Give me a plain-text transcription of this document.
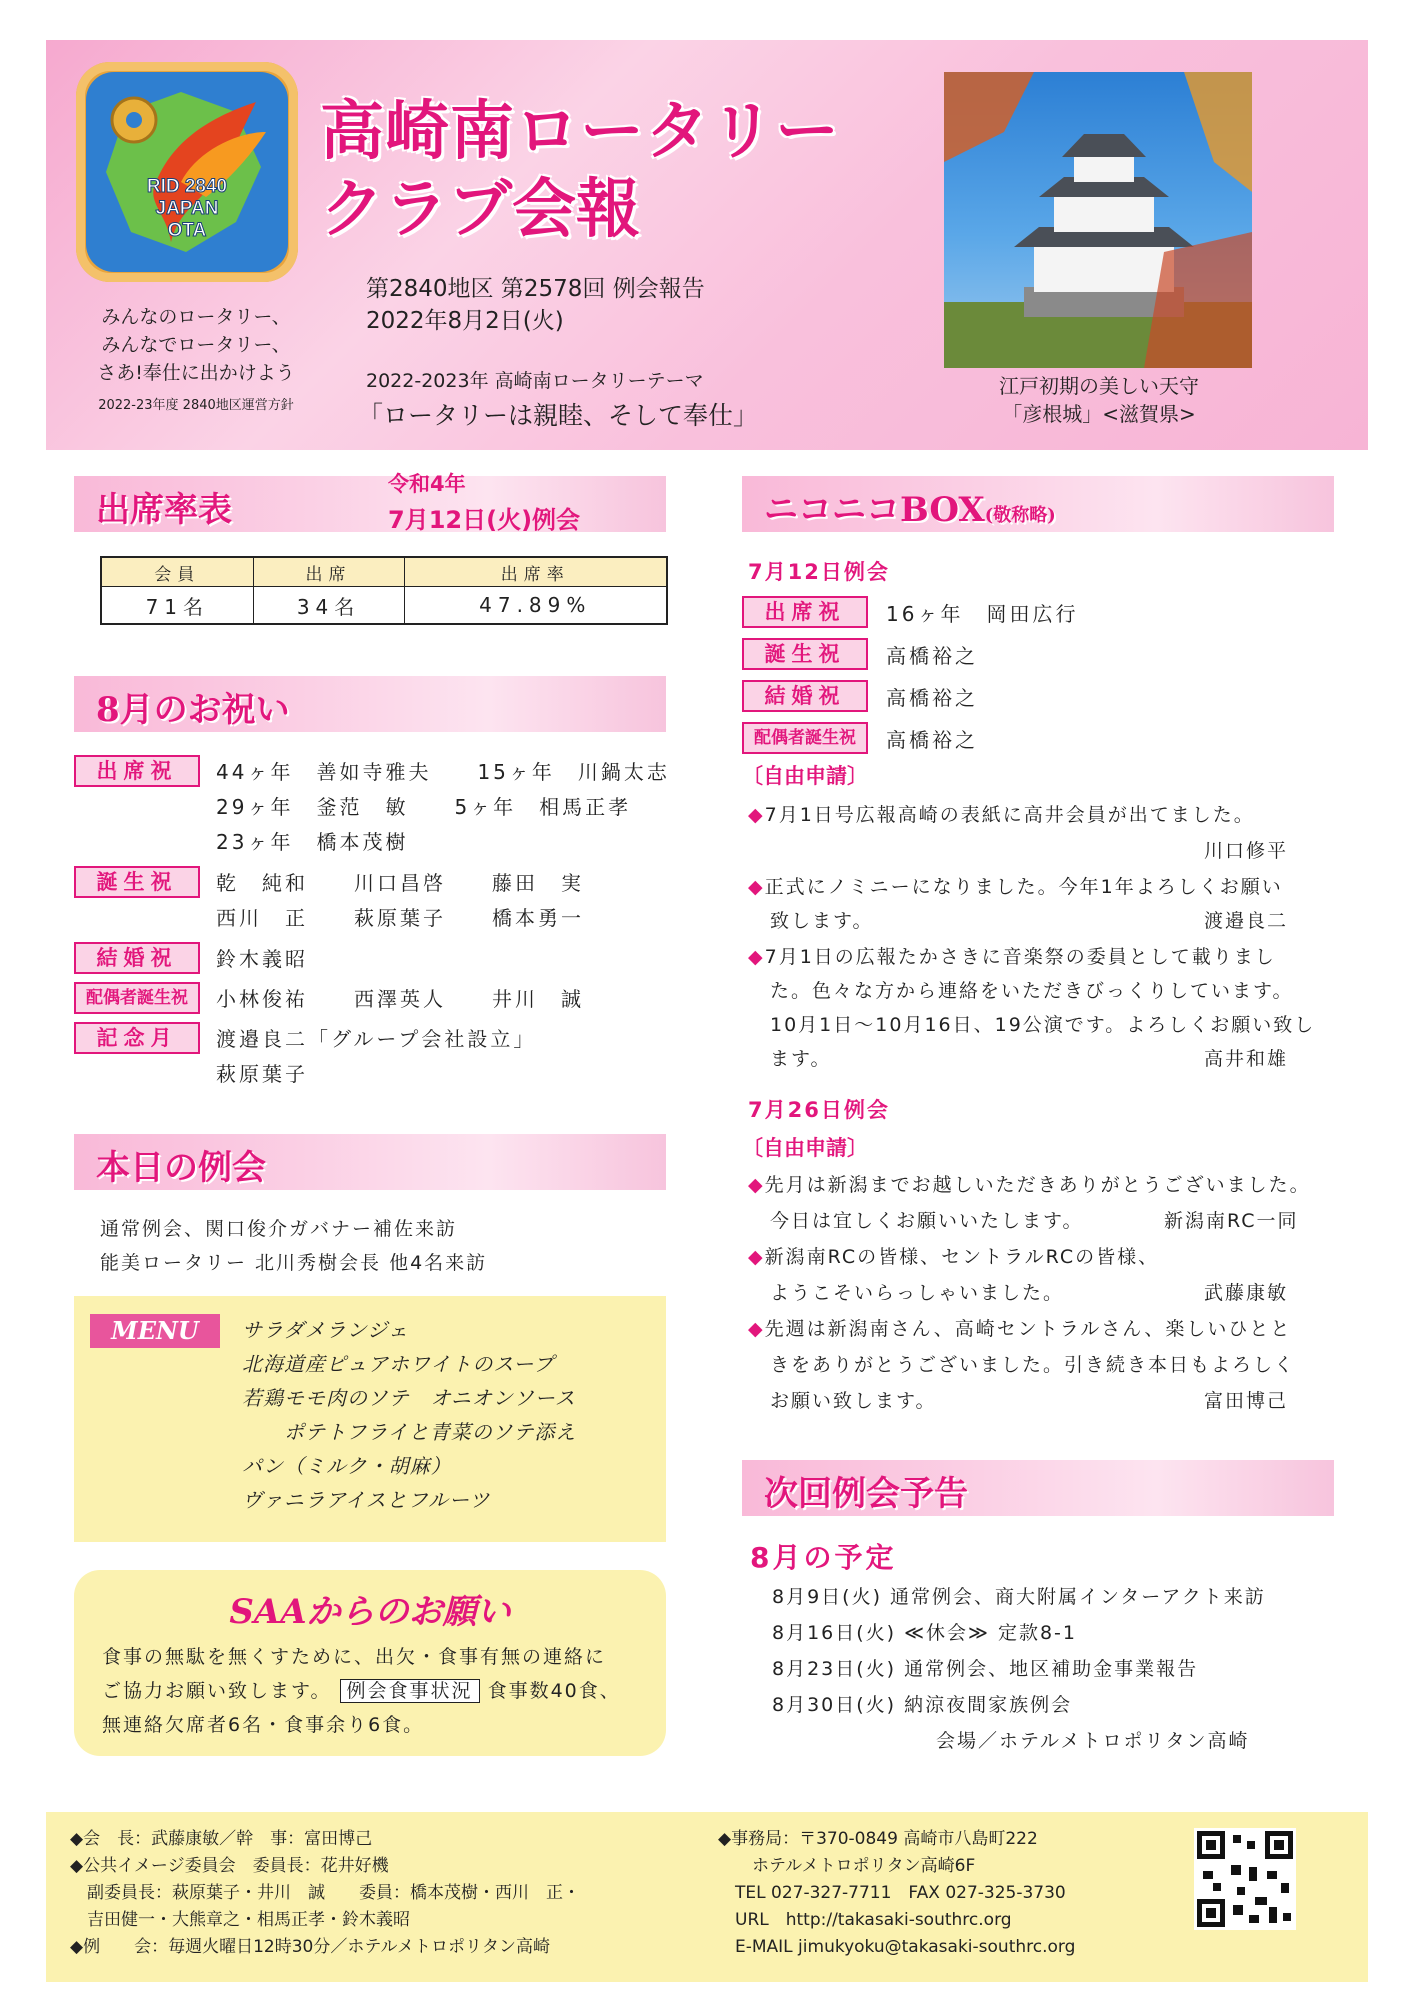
RID 2840
JAPAN
OTA
高崎南ロータリー
クラブ会報
第2840地区 第2578回 例会報告
2022年8月2日(火)
2022-2023年 高崎南ロータリーテーマ
「ロータリーは親睦、そして奉仕」
みんなのロータリー、
みんなでロータリー、
さあ!奉仕に出かけよう
2022-23年度 2840地区運営方針
江戸初期の美しい天守
「彦根城」<滋賀県>
出席率表
令和4年
7月12日(火)例会
会員	出席	出席率
71名	34名	47.89%
8月のお祝い
出席祝	44ヶ年　善如寺雅夫　　15ヶ年　川鍋太志
29ヶ年　釜范　敏　　5ヶ年　相馬正孝
23ヶ年　橋本茂樹
誕生祝	乾　純和　　川口昌啓　　藤田　実
西川　正　　萩原葉子　　橋本勇一
結婚祝	鈴木義昭
配偶者誕生祝	小林俊祐　　西澤英人　　井川　誠
記念月	渡邉良二「グループ会社設立」
萩原葉子
本日の例会
通常例会、関口俊介ガバナー補佐来訪
能美ロータリー 北川秀樹会長 他4名来訪
MENU	サラダメランジェ
北海道産ピュアホワイトのスープ
若鶏モモ肉のソテ　オニオンソース
ポテトフライと青菜のソテ添え
パン（ミルク・胡麻）
ヴァニラアイスとフルーツ
SAAからのお願い
食事の無駄を無くすために、出欠・食事有無の連絡に
ご協力お願い致します。 例会食事状況 食事数40食、
無連絡欠席者6名・食事余り6食。
ニコニコBOX(敬称略)
7月12日例会
出席祝	16ヶ年　岡田広行
誕生祝	高橋裕之
結婚祝	高橋裕之
配偶者誕生祝	高橋裕之
〔自由申請〕
◆7月1日号広報高崎の表紙に高井会員が出てました。
川口修平
◆正式にノミニーになりました。今年1年よろしくお願い
致します。	渡邉良二
◆7月1日の広報たかさきに音楽祭の委員として載りまし
た。色々な方から連絡をいただきびっくりしています。
10月1日〜10月16日、19公演です。よろしくお願い致し
ます。	高井和雄
7月26日例会
〔自由申請〕
◆先月は新潟までお越しいただきありがとうございました。
今日は宜しくお願いいたします。	新潟南RC一同
◆新潟南RCの皆様、セントラルRCの皆様、
ようこそいらっしゃいました。	武藤康敏
◆先週は新潟南さん、高崎セントラルさん、楽しいひとと
きをありがとうございました。引き続き本日もよろしく
お願い致します。	富田博己
次回例会予告
8月の予定
8月9日(火) 通常例会、商大附属インターアクト来訪
8月16日(火) ≪休会≫ 定款8-1
8月23日(火) 通常例会、地区補助金事業報告
8月30日(火) 納涼夜間家族例会
会場／ホテルメトロポリタン高崎
◆会　長：武藤康敏／幹　事：富田博己
◆公共イメージ委員会　委員長：花井好機
　副委員長：萩原葉子・井川　誠　　委員：橋本茂樹・西川　正・
　吉田健一・大熊章之・相馬正孝・鈴木義昭
◆例　　会：毎週火曜日12時30分／ホテルメトロポリタン高崎
◆事務局：〒370-0849 高崎市八島町222
　　ホテルメトロポリタン高崎6F
　TEL 027-327-7711　FAX 027-325-3730
　URL　http://takasaki-southrc.org
　E-MAIL jimukyoku@takasaki-southrc.org
